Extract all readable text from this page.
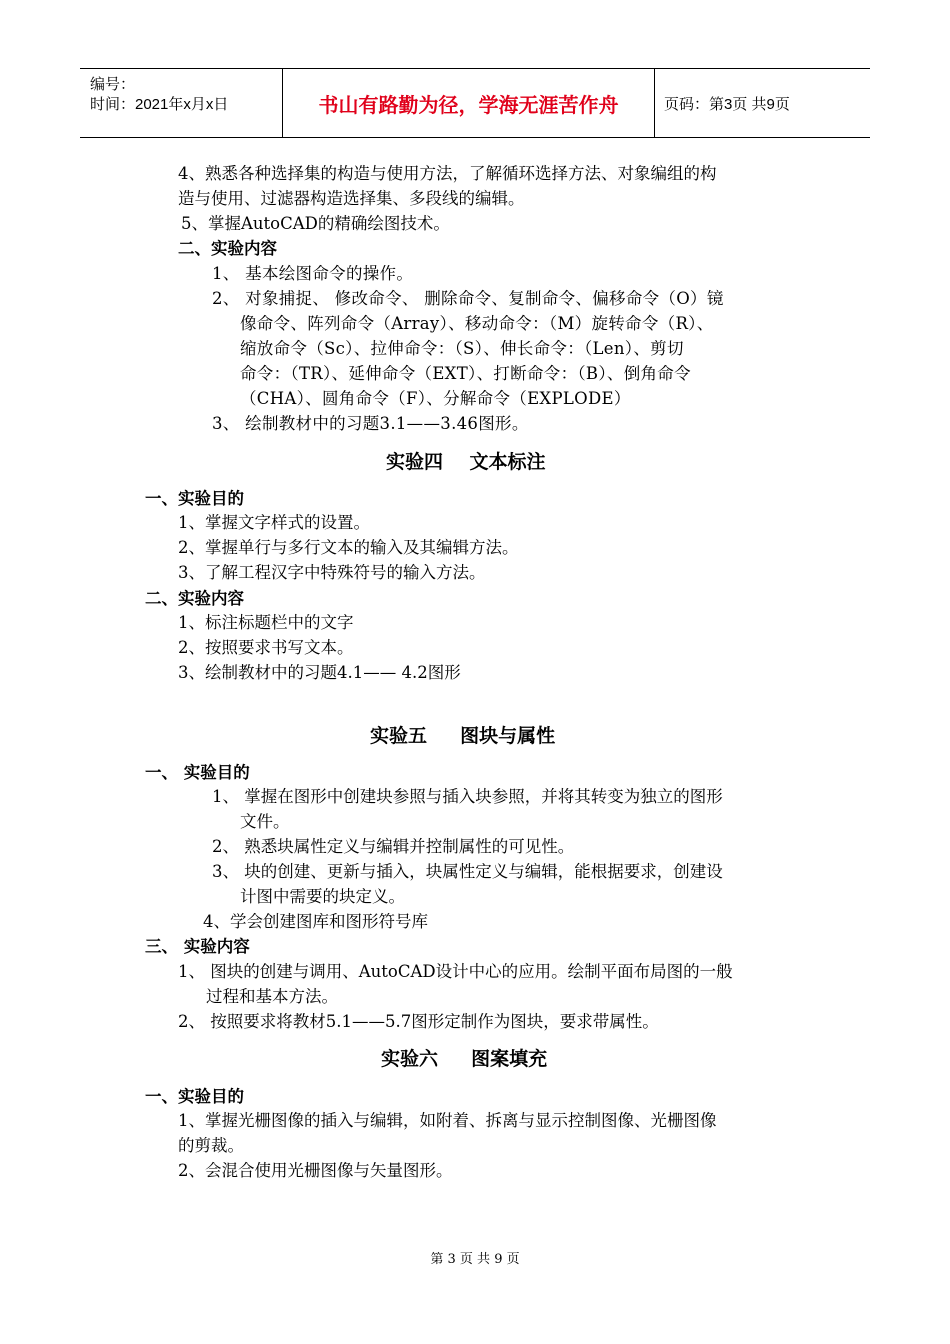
编号：
时间：2021年x月x日	书山有路勤为径，学海无涯苦作舟	页码：第3页 共9页
4、熟悉各种选择集的构造与使用方法，了解循环选择方法、对象编组的构
造与使用、过滤器构造选择集、多段线的编辑。
5、掌握AutoCAD的精确绘图技术。
二、实验内容
1、 基本绘图命令的操作。
2、 对象捕捉、 修改命令、 删除命令、复制命令、偏移命令（O）镜
像命令、阵列命令（Array）、移动命令：（M）旋转命令（R）、
缩放命令（Sc）、拉伸命令：（S）、伸长命令：（Len）、剪切
命令：（TR）、延伸命令（EXT）、打断命令：（B）、倒角命令
（CHA）、圆角命令（F）、分解命令（EXPLODE）
3、 绘制教材中的习题3.1——3.46图形。
实验四    文本标注
一、实验目的
1、掌握文字样式的设置。
2、掌握单行与多行文本的输入及其编辑方法。
3、了解工程汉字中特殊符号的输入方法。
二、实验内容
1、标注标题栏中的文字
2、按照要求书写文本。
3、绘制教材中的习题4.1—— 4.2图形
实验五     图块与属性
一、 实验目的
1、 掌握在图形中创建块参照与插入块参照，并将其转变为独立的图形
文件。
2、 熟悉块属性定义与编辑并控制属性的可见性。
3、 块的创建、更新与插入，块属性定义与编辑，能根据要求，创建设
计图中需要的块定义。
4、学会创建图库和图形符号库
三、 实验内容
1、 图块的创建与调用、AutoCAD设计中心的应用。绘制平面布局图的一般
过程和基本方法。
2、 按照要求将教材5.1——5.7图形定制作为图块，要求带属性。
实验六     图案填充
一、实验目的
1、掌握光栅图像的插入与编辑，如附着、拆离与显示控制图像、光栅图像
的剪裁。
2、会混合使用光栅图像与矢量图形。
第 3 页 共 9 页
